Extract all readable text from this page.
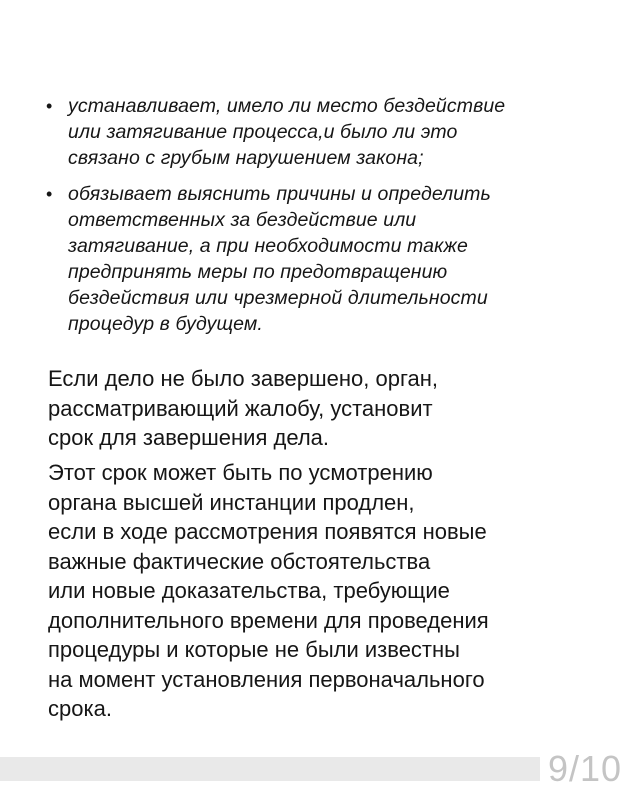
• устанавливает, имело ли место бездействие
или затягивание процесса,и было ли это
связано с грубым нарушением закона;
• обязывает выяснить причины и определить
ответственных за бездействие или
затягивание, а при необходимости также
предпринять меры по предотвращению
бездействия или чрезмерной длительности
процедур в будущем.

Если дело не было завершено, орган,
рассматривающий жалобу, установит
срок для завершения дела.

Этот срок может быть по усмотрению
органа высшей инстанции продлен,
если в ходе рассмотрения появятся новые
важные фактические обстоятельства
или новые доказательства, требующие
дополнительного времени для проведения
процедуры и которые не были известны
на момент установления первоначального
срока.

9/10
